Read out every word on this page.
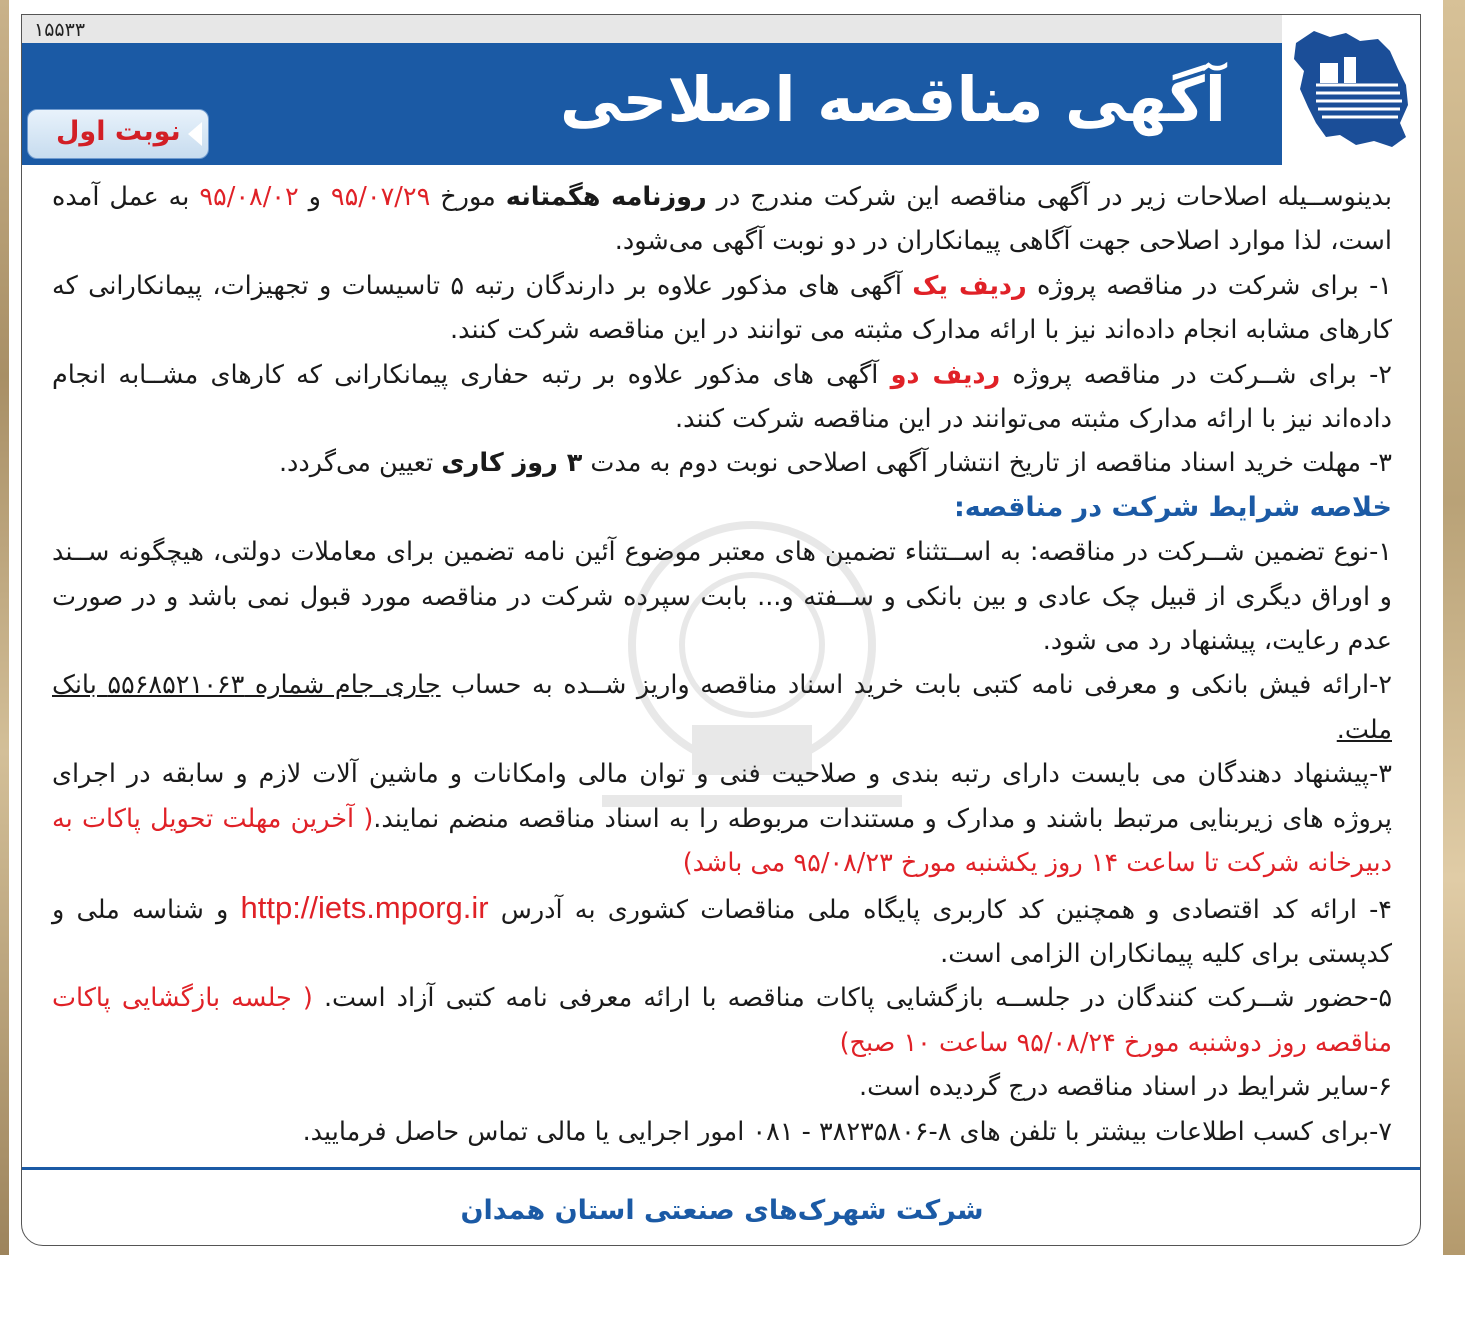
۱۵۵۳۳
آگهی مناقصه اصلاحی
نوبت اول

بدینوســیله اصلاحات زیر در آگهی مناقصه این شرکت مندرج در روزنامه هگمتانه مورخ ۹۵/۰۷/۲۹ و ۹۵/۰۸/۰۲ به عمل آمده است، لذا موارد اصلاحی جهت آگاهی پیمانکاران در دو نوبت آگهی می‌شود.

۱- برای شرکت در مناقصه پروژه ردیف یک آگهی های مذکور علاوه بر دارندگان رتبه ۵ تاسیسات و تجهیزات، پیمانکارانی که کارهای مشابه انجام داده‌اند نیز با ارائه مدارک مثبته می توانند در این مناقصه شرکت کنند.

۲- برای شــرکت در مناقصه پروژه ردیف دو آگهی های مذکور علاوه بر رتبه حفاری پیمانکارانی که کارهای مشــابه انجام داده‌اند نیز با ارائه مدارک مثبته می‌توانند در این مناقصه شرکت کنند.

۳- مهلت خرید اسناد مناقصه از تاریخ انتشار آگهی اصلاحی نوبت دوم به مدت ۳ روز کاری تعیین می‌گردد.

خلاصه شرایط شرکت در مناقصه:

۱-نوع تضمین شــرکت در مناقصه: به اســتثناء تضمین های معتبر موضوع آئین نامه تضمین برای معاملات دولتی، هیچگونه ســند و اوراق دیگری از قبیل چک عادی و بین بانکی و ســفته و... بابت سپرده شرکت در مناقصه مورد قبول نمی باشد و در صورت عدم رعایت، پیشنهاد رد می شود.

۲-ارائه فیش بانکی و معرفی نامه کتبی بابت خرید اسناد مناقصه واریز شــده به حساب جاری جام شماره ۵۵۶۸۵۲۱۰۶۳ بانک ملت.

۳-پیشنهاد دهندگان می بایست دارای رتبه بندی و صلاحیت فنی و توان مالی وامکانات و ماشین آلات لازم و سابقه در اجرای پروژه های زیربنایی مرتبط باشند و مدارک و مستندات مربوطه را به اسناد مناقصه منضم نمایند.( آخرین مهلت تحویل پاکات به دبیرخانه شرکت تا ساعت ۱۴ روز یکشنبه مورخ ۹۵/۰۸/۲۳ می باشد)

۴- ارائه کد اقتصادی و همچنین کد کاربری پایگاه ملی مناقصات کشوری به آدرس http://iets.mporg.ir و شناسه ملی و کدپستی برای کلیه پیمانکاران الزامی است.

۵-حضور شــرکت کنندگان در جلســه بازگشایی پاکات مناقصه با ارائه معرفی نامه کتبی آزاد است. ( جلسه بازگشایی پاکات مناقصه روز دوشنبه مورخ ۹۵/۰۸/۲۴ ساعت ۱۰ صبح)

۶-سایر شرایط در اسناد مناقصه درج گردیده است.

۷-برای کسب اطلاعات بیشتر با تلفن های ۸-۳۸۲۳۵۸۰۶ - ۰۸۱ امور اجرایی یا مالی تماس حاصل فرمایید.

شرکت شهرک‌های صنعتی استان همدان
